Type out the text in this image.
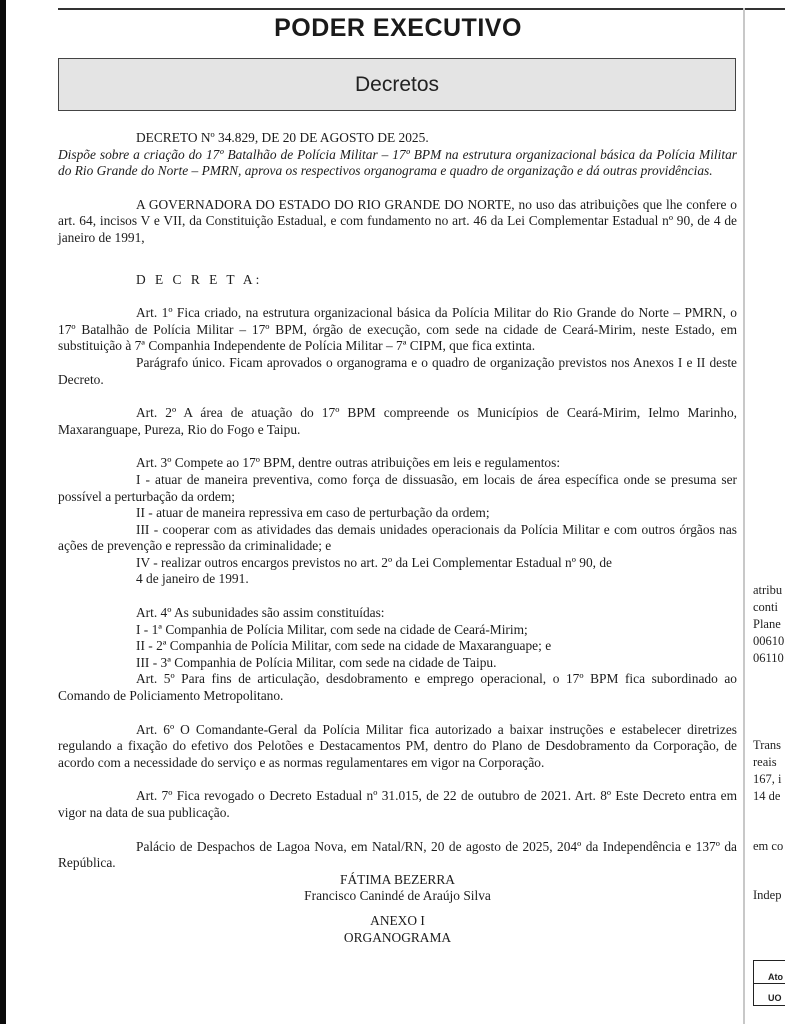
PODER EXECUTIVO
Decretos

DECRETO Nº 34.829, DE 20 DE AGOSTO DE 2025.

Dispõe sobre a criação do 17º Batalhão de Polícia Militar – 17º BPM na estrutura organizacional básica da Polícia Militar do Rio Grande do Norte – PMRN, aprova os respectivos organograma e quadro de organização e dá outras providências.

A GOVERNADORA DO ESTADO DO RIO GRANDE DO NORTE, no uso das atribuições que lhe confere o art. 64, incisos V e VII, da Constituição Estadual, e com fundamento no art. 46 da Lei Complementar Estadual nº 90, de 4 de janeiro de 1991,

D E C R E T A:

Art. 1º Fica criado, na estrutura organizacional básica da Polícia Militar do Rio Grande do Norte – PMRN, o 17º Batalhão de Polícia Militar – 17º BPM, órgão de execução, com sede na cidade de Ceará-Mirim, neste Estado, em substituição à 7ª Companhia Independente de Polícia Militar – 7ª CIPM, que fica extinta.

Parágrafo único. Ficam aprovados o organograma e o quadro de organização previstos nos Anexos I e II deste Decreto.

Art. 2º A área de atuação do 17º BPM compreende os Municípios de Ceará-Mirim, Ielmo Marinho, Maxaranguape, Pureza, Rio do Fogo e Taipu.

Art. 3º Compete ao 17º BPM, dentre outras atribuições em leis e regulamentos:

I - atuar de maneira preventiva, como força de dissuasão, em locais de área específica onde se presuma ser possível a perturbação da ordem;

II - atuar de maneira repressiva em caso de perturbação da ordem;

III - cooperar com as atividades das demais unidades operacionais da Polícia Militar e com outros órgãos nas ações de prevenção e repressão da criminalidade; e

IV - realizar outros encargos previstos no art. 2º da Lei Complementar Estadual nº 90, de

4 de janeiro de 1991.

Art. 4º As subunidades são assim constituídas:

I - 1ª Companhia de Polícia Militar, com sede na cidade de Ceará-Mirim;

II - 2ª Companhia de Polícia Militar, com sede na cidade de Maxaranguape; e

III - 3ª Companhia de Polícia Militar, com sede na cidade de Taipu.

Art. 5º Para fins de articulação, desdobramento e emprego operacional, o 17º BPM fica subordinado ao Comando de Policiamento Metropolitano.

Art. 6º O Comandante-Geral da Polícia Militar fica autorizado a baixar instruções e estabelecer diretrizes regulando a fixação do efetivo dos Pelotões e Destacamentos PM, dentro do Plano de Desdobramento da Corporação, de acordo com a necessidade do serviço e as normas regulamentares em vigor na Corporação.

Art. 7º Fica revogado o Decreto Estadual nº 31.015, de 22 de outubro de 2021. Art. 8º Este Decreto entra em vigor na data de sua publicação.

Palácio de Despachos de Lagoa Nova, em Natal/RN, 20 de agosto de 2025, 204º da Independência e 137º da República.

FÁTIMA BEZERRA

Francisco Canindé de Araújo Silva

ANEXO I

ORGANOGRAMA

atribu
conti
Plane
00610
06110
Trans
reais
167, i
14 de
em co
Indep
Ato
UO
